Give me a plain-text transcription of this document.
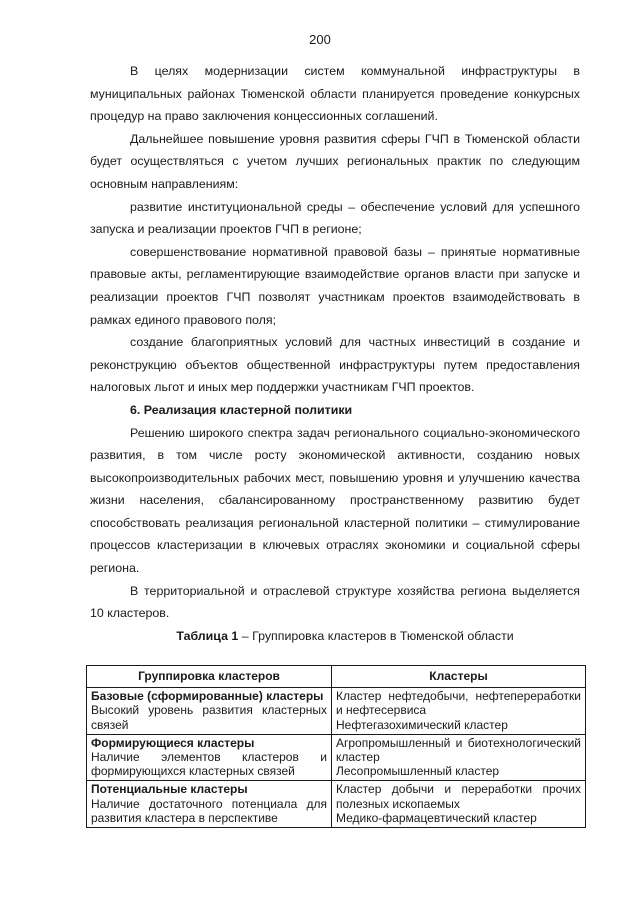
200

В целях модернизации систем коммунальной инфраструктуры в муниципальных районах Тюменской области планируется проведение конкурсных процедур на право заключения концессионных соглашений.

Дальнейшее повышение уровня развития сферы ГЧП в Тюменской области будет осуществляться с учетом лучших региональных практик по следующим основным направлениям:

развитие институциональной среды – обеспечение условий для успешного запуска и реализации проектов ГЧП в регионе;

совершенствование нормативной правовой базы – принятые нормативные правовые акты, регламентирующие взаимодействие органов власти при запуске и реализации проектов ГЧП позволят участникам проектов взаимодействовать в рамках единого правового поля;

создание благоприятных условий для частных инвестиций в создание и реконструкцию объектов общественной инфраструктуры путем предоставления налоговых льгот и иных мер поддержки участникам ГЧП проектов.

6. Реализация кластерной политики

Решению широкого спектра задач регионального социально-экономического развития, в том числе росту экономической активности, созданию новых высокопроизводительных рабочих мест, повышению уровня и улучшению качества жизни населения, сбалансированному пространственному развитию будет способствовать реализация региональной кластерной политики – стимулирование процессов кластеризации в ключевых отраслях экономики и социальной сферы региона.

В территориальной и отраслевой структуре хозяйства региона выделяется 10 кластеров.

Таблица 1 – Группировка кластеров в Тюменской области

Группировка кластеров	Кластеры

Базовые (сформированные) кластеры
Высокий уровень развития кластерных связей	Кластер нефтедобычи, нефтепереработки и нефтесервиса
Нефтегазохимический кластер

Формирующиеся кластеры
Наличие элементов кластеров и формирующихся кластерных связей	Агропромышленный и биотехнологический кластер
Лесопромышленный кластер

Потенциальные кластеры
Наличие достаточного потенциала для развития кластера в перспективе	Кластер добычи и переработки прочих полезных ископаемых
Медико-фармацевтический кластер
